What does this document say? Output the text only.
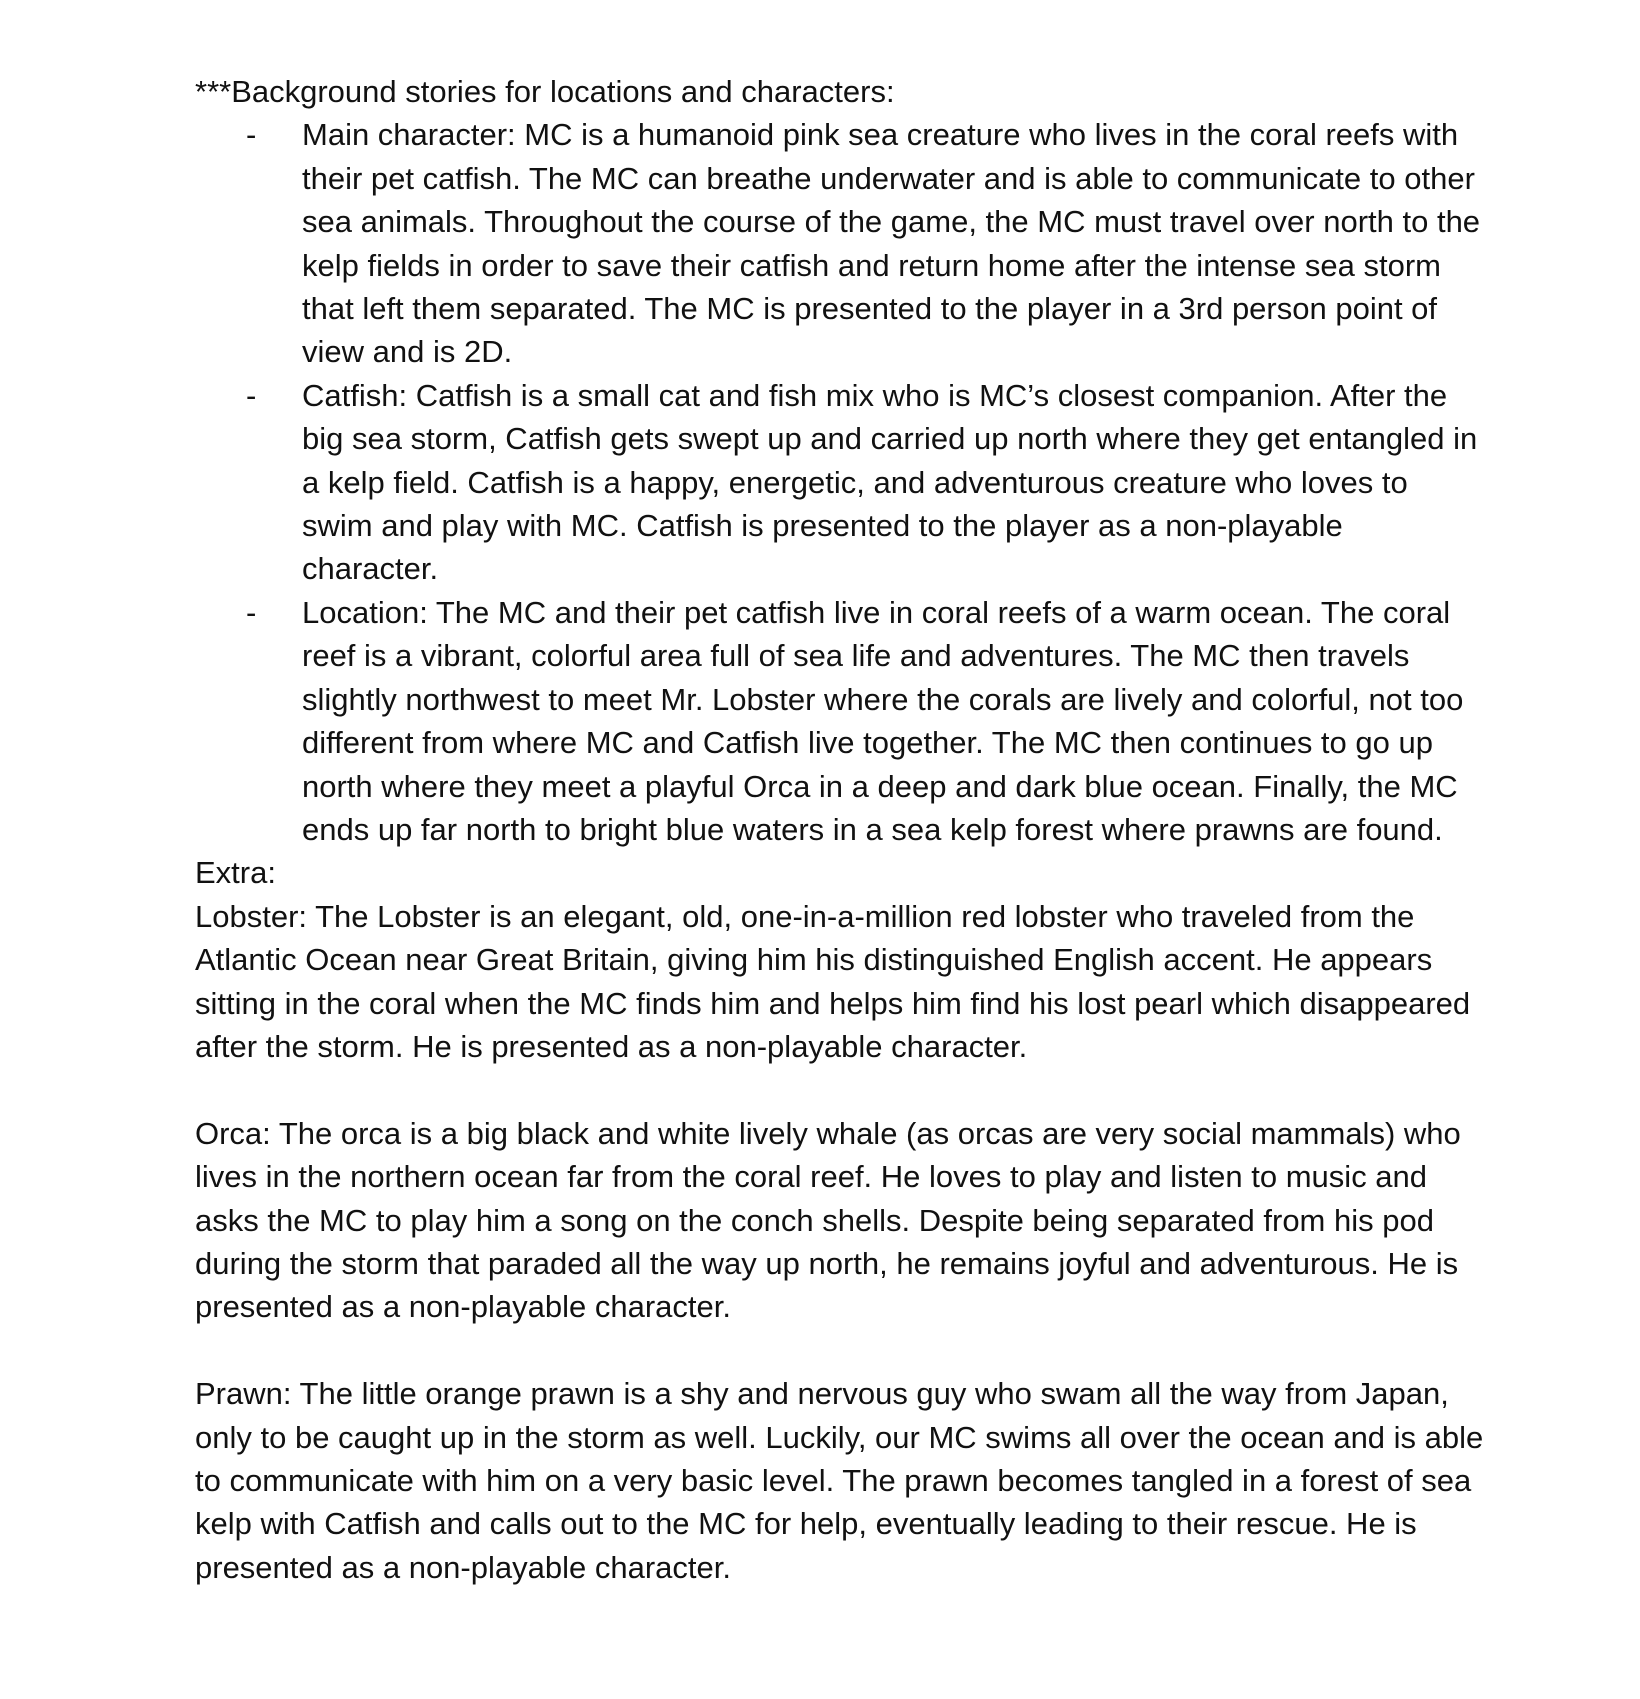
***Background stories for locations and characters:

- Main character: MC is a humanoid pink sea creature who lives in the coral reefs with their pet catfish. The MC can breathe underwater and is able to communicate to other sea animals. Throughout the course of the game, the MC must travel over north to the kelp fields in order to save their catfish and return home after the intense sea storm that left them separated. The MC is presented to the player in a 3rd person point of view and is 2D.
- Catfish: Catfish is a small cat and fish mix who is MC’s closest companion. After the big sea storm, Catfish gets swept up and carried up north where they get entangled in a kelp field. Catfish is a happy, energetic, and adventurous creature who loves to swim and play with MC. Catfish is presented to the player as a non-playable character.
- Location: The MC and their pet catfish live in coral reefs of a warm ocean. The coral reef is a vibrant, colorful area full of sea life and adventures. The MC then travels slightly northwest to meet Mr. Lobster where the corals are lively and colorful, not too different from where MC and Catfish live together. The MC then continues to go up north where they meet a playful Orca in a deep and dark blue ocean. Finally, the MC ends up far north to bright blue waters in a sea kelp forest where prawns are found.

Extra:

Lobster: The Lobster is an elegant, old, one-in-a-million red lobster who traveled from the Atlantic Ocean near Great Britain, giving him his distinguished English accent. He appears sitting in the coral when the MC finds him and helps him find his lost pearl which disappeared after the storm. He is presented as a non-playable character.

Orca: The orca is a big black and white lively whale (as orcas are very social mammals) who lives in the northern ocean far from the coral reef. He loves to play and listen to music and asks the MC to play him a song on the conch shells. Despite being separated from his pod during the storm that paraded all the way up north, he remains joyful and adventurous. He is presented as a non-playable character.

Prawn: The little orange prawn is a shy and nervous guy who swam all the way from Japan, only to be caught up in the storm as well. Luckily, our MC swims all over the ocean and is able to communicate with him on a very basic level. The prawn becomes tangled in a forest of sea kelp with Catfish and calls out to the MC for help, eventually leading to their rescue. He is presented as a non-playable character.
